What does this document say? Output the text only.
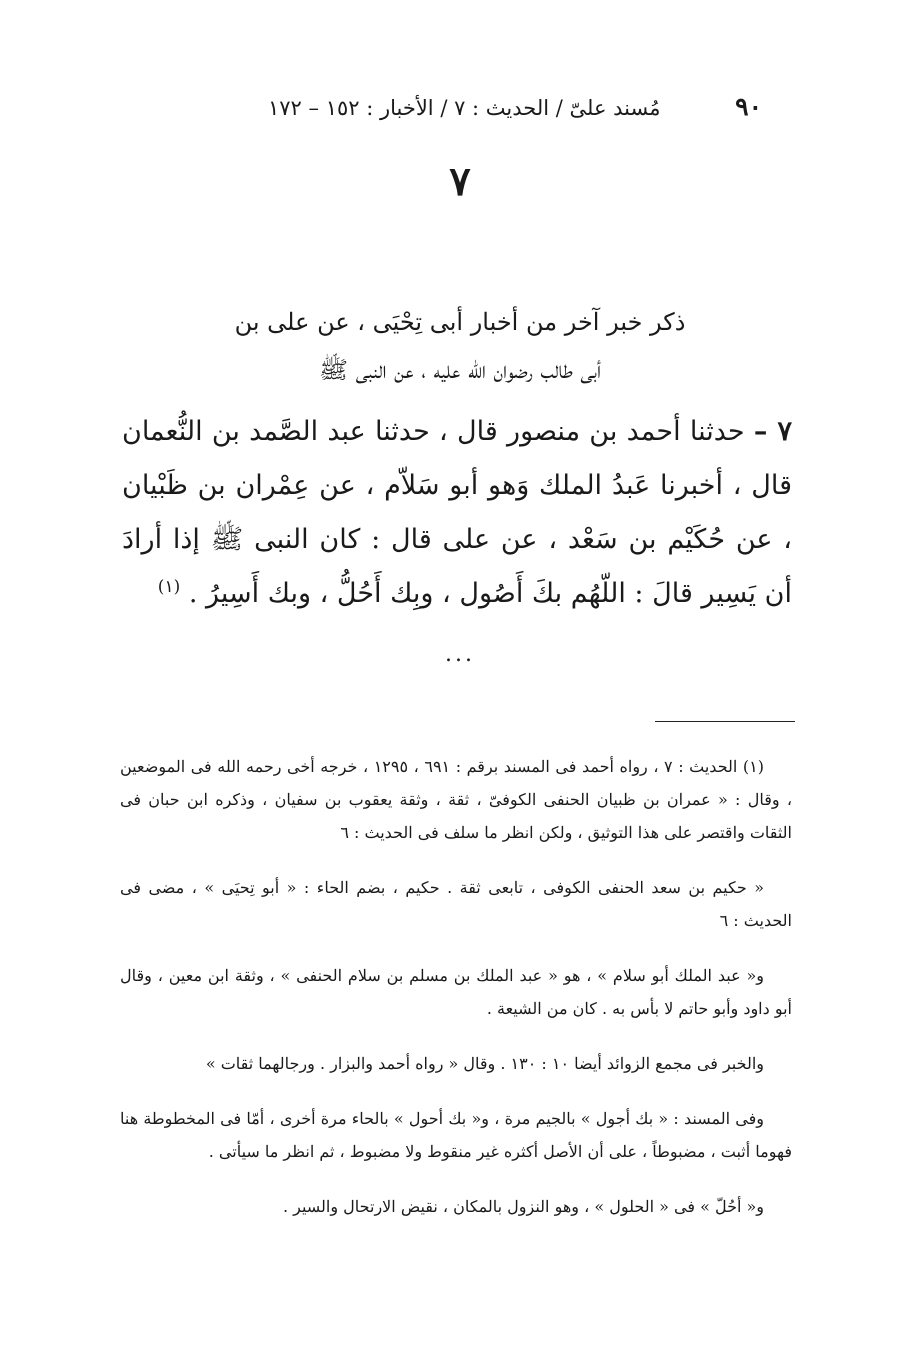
٩٠
مُسند علىّ / الحديث : ٧ / الأخبار : ١٥٢ – ١٧٢
٧
ذكر خبر آخر من أخبار أبى تِحْيَى ، عن على بن
أبى طالب رضوان الله عليه ، عن النبى ﷺ
٧ – حدثنا أحمد بن منصور قال ، حدثنا عبد الصَّمد بن النُّعمان قال ، أخبرنا عَبدُ الملك وَهو أبو سَلاّم ، عن عِمْران بن ظَبْيان ، عن حُكَيْم بن سَعْد ، عن على قال : كان النبى ﷺ إذا أرادَ أن يَسِير قالَ : اللّهُم بكَ أَصُول ، وبِك أَحُلُّ ، وبك أَسِيرُ . $^{(١)}$
...

(١) الحديث : ٧ ، رواه أحمد فى المسند برقم : ٦٩١ ، ١٢٩٥ ، خرجه أخى رحمه الله فى الموضعين ، وقال : « عمران بن ظبيان الحنفى الكوفىّ ، ثقة ، وثقة يعقوب بن سفيان ، وذكره ابن حبان فى الثقات واقتصر على هذا التوثيق ، ولكن انظر ما سلف فى الحديث : ٦

« حكيم بن سعد الحنفى الكوفى ، تابعى ثقة . حكيم ، بضم الحاء : « أبو تِحيَى » ، مضى فى الحديث : ٦

و« عبد الملك أبو سلام » ، هو « عبد الملك بن مسلم بن سلام الحنفى » ، وثقة ابن معين ، وقال أبو داود وأبو حاتم لا بأس به . كان من الشيعة .

والخبر فى مجمع الزوائد أيضا ١٠ : ١٣٠ . وقال « رواه أحمد والبزار . ورجالهما ثقات »

وفى المسند : « بك أجول » بالجيم مرة ، و« بك أحول » بالحاء مرة أخرى ، أمّا فى المخطوطة هنا فهوما أثبت ، مضبوطاً ، على أن الأصل أكثره غير منقوط ولا مضبوط ، ثم انظر ما سيأتى .

و« أحُلّ » فى « الحلول » ، وهو النزول بالمكان ، نقيض الارتحال والسير .
